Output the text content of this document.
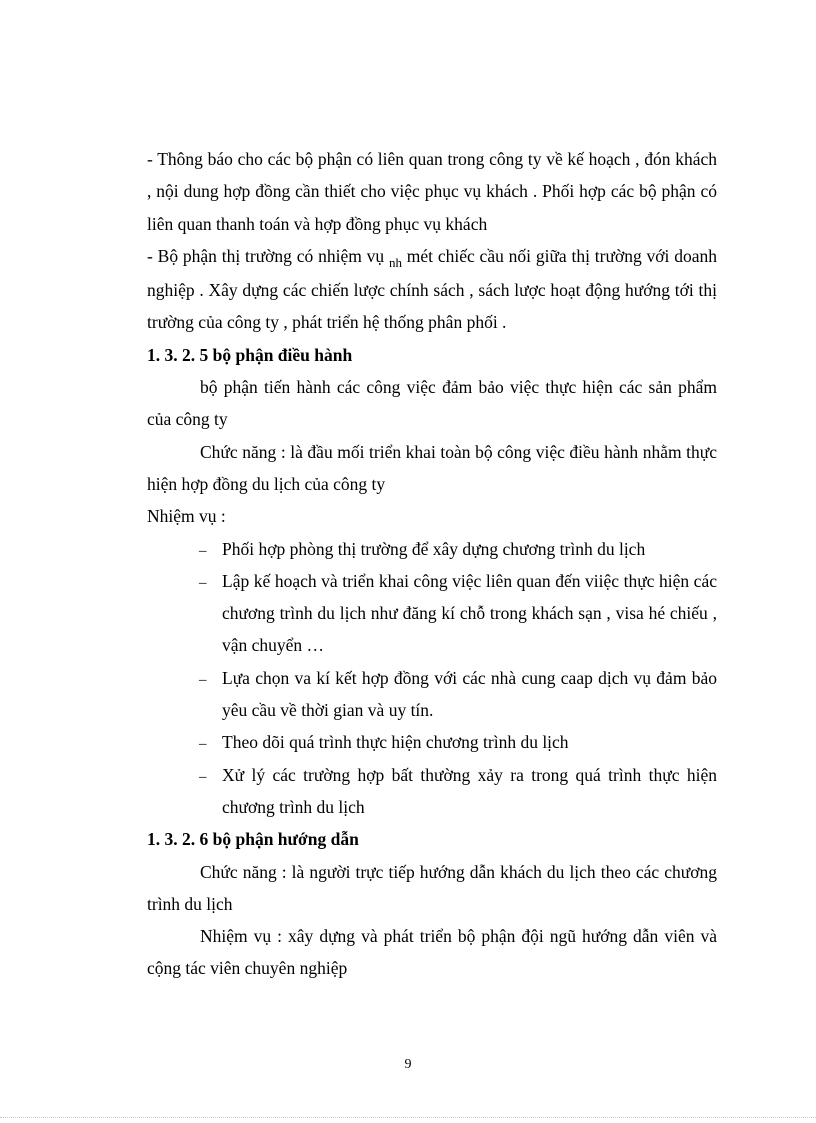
- Thông báo cho các bộ phận có liên quan trong công ty về kế hoạch , đón khách , nội dung hợp đồng cần thiết cho việc phục vụ khách . Phối hợp các bộ phận có liên quan thanh toán và hợp đồng phục vụ khách

- Bộ phận thị trường có nhiệm vụ $_{nh}$ mét chiếc cầu nối giữa thị trường với doanh nghiệp . Xây dựng các chiến lược chính sách , sách lược hoạt động hướng tới thị trường của công ty , phát triển hệ thống phân phối .

1. 3. 2. 5 bộ phận điều hành

bộ phận tiến hành các công việc đảm bảo việc thực hiện các sản phẩm của công ty

Chức năng : là đầu mối triển khai toàn bộ công việc điều hành nhằm thực hiện hợp đồng du lịch của công ty

Nhiệm vụ :

‒ Phối hợp phòng thị trường để xây dựng chương trình du lịch
‒ Lập kế hoạch và triển khai công việc liên quan đến viiệc thực hiện các chương trình du lịch như đăng kí chỗ trong khách sạn , visa hé chiếu , vận chuyển …
‒ Lựa chọn va kí kết hợp đồng với các nhà cung caap dịch vụ đảm bảo yêu cầu về thời gian và uy tín.
‒ Theo dõi quá trình thực hiện chương trình du lịch
‒ Xử lý các trường hợp bất thường xảy ra trong quá trình thực hiện chương trình du lịch

1. 3. 2. 6 bộ phận hướng dẫn

Chức năng : là người trực tiếp hướng dẫn khách du lịch theo các chương trình du lịch

Nhiệm vụ : xây dựng và phát triển bộ phận đội ngũ hướng dẫn viên và cộng tác viên chuyên nghiệp

9
